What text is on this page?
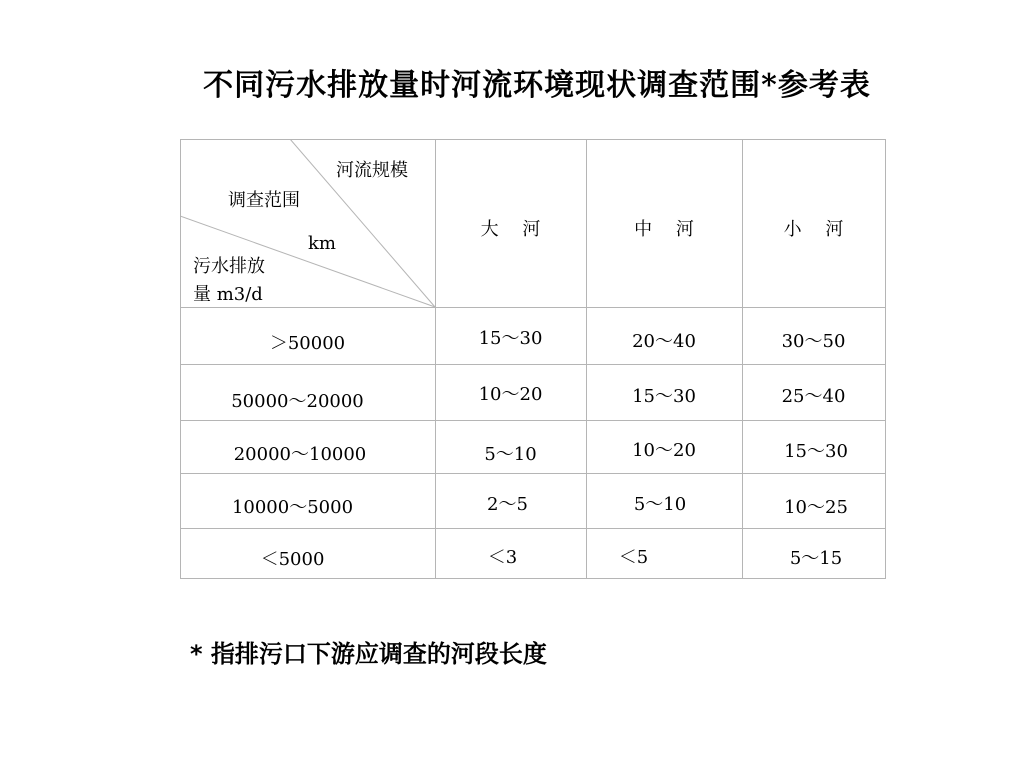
不同污水排放量时河流环境现状调查范围*参考表
河流规模
调查范围
km
污水排放
量 m3/d
大　 河	中　 河	小　 河
＞50000	15～30	20～40	30～50
50000～20000	10～20	15～30	25～40
20000～10000	5～10	10～20	15～30
10000～5000	2～5	5～10	10～25
＜5000	＜3	＜5	5～15
* 指排污口下游应调查的河段长度
